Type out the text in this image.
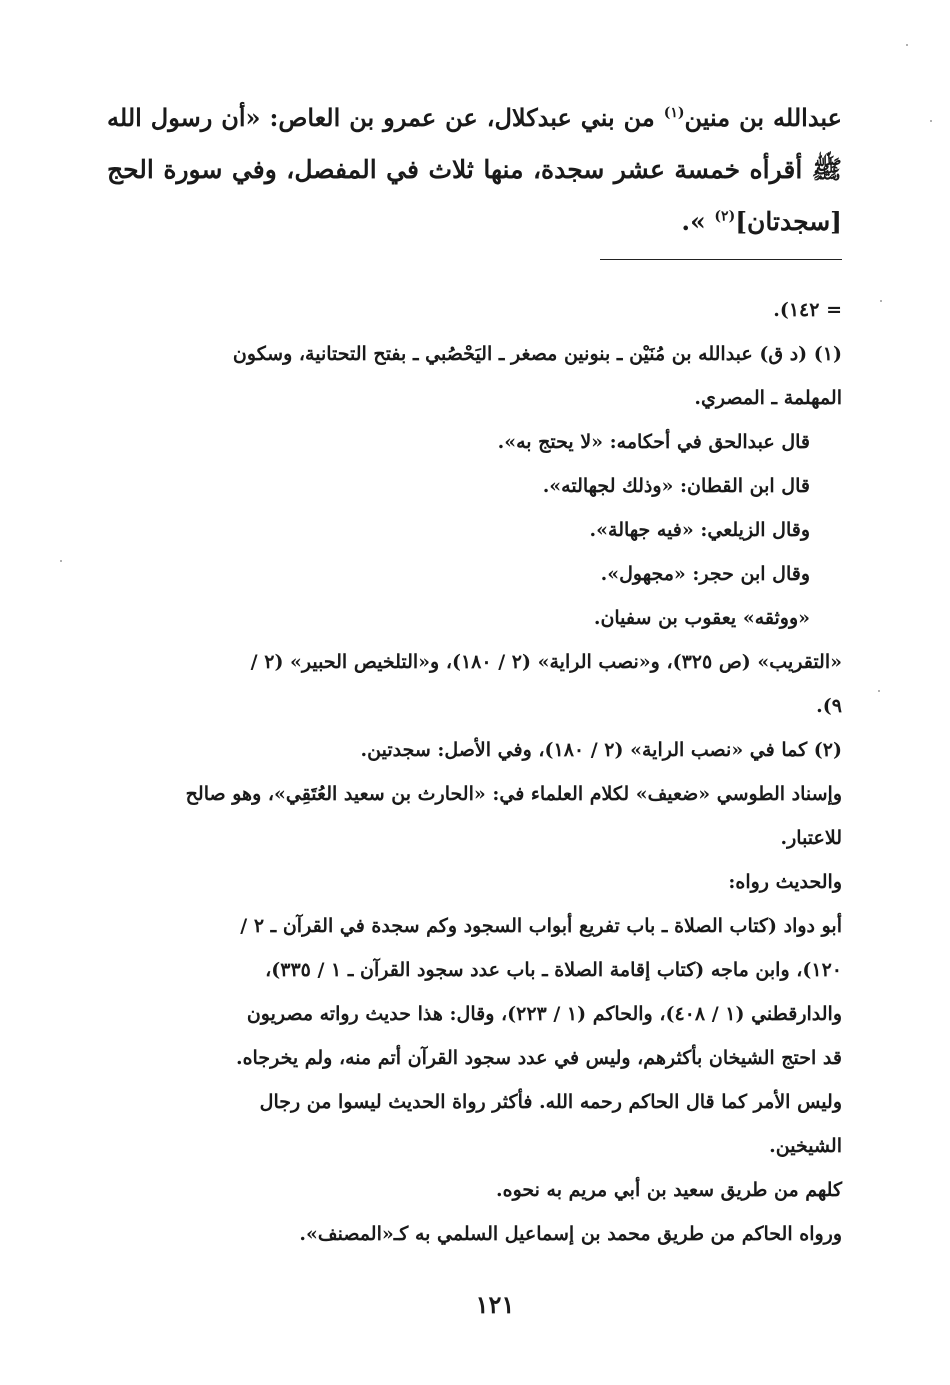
عبدالله بن منين$^{(١)}$ من بني عبدكلال، عن عمرو بن العاص: «أن رسول الله
ﷺ أقرأه خمسة عشر سجدة، منها ثلاث في المفصل، وفي سورة الحج
[سجدتان]$^{(٢)}$ ».
= ١٤٢).
(١) (د ق) عبدالله بن مُنَيْن ـ بنونين مصغر ـ اليَحْصُبي ـ بفتح التحتانية، وسكون
المهلمة ـ المصري.
قال عبدالحق في أحكامه: «لا يحتج به».
قال ابن القطان: «وذلك لجهالته».
وقال الزيلعي: «فيه جهالة».
وقال ابن حجر: «مجهول».
«ووثقه» يعقوب بن سفيان.
«التقريب» (ص ٣٢٥)، و«نصب الراية» (٢ / ١٨٠)، و«التلخيص الحبير» (٢ /
٩).
(٢) كما في «نصب الراية» (٢ / ١٨٠)، وفي الأصل: سجدتين.
وإسناد الطوسي «ضعيف» لكلام العلماء في: «الحارث بن سعيد العُتَقِي»، وهو صالح
للاعتبار.
والحديث رواه:
أبو دواد (كتاب الصلاة ـ باب تفريع أبواب السجود وكم سجدة في القرآن ـ ٢ /
١٢٠)، وابن ماجه (كتاب إقامة الصلاة ـ باب عدد سجود القرآن ـ ١ / ٣٣٥)،
والدارقطني (١ / ٤٠٨)، والحاكم (١ / ٢٢٣)، وقال: هذا حديث رواته مصريون
قد احتج الشيخان بأكثرهم، وليس في عدد سجود القرآن أتم منه، ولم يخرجاه.
وليس الأمر كما قال الحاكم رحمه الله. فأكثر رواة الحديث ليسوا من رجال
الشيخين.
كلهم من طريق سعيد بن أبي مريم به نحوه.
ورواه الحاكم من طريق محمد بن إسماعيل السلمي به كـ«المصنف».
١٢١
